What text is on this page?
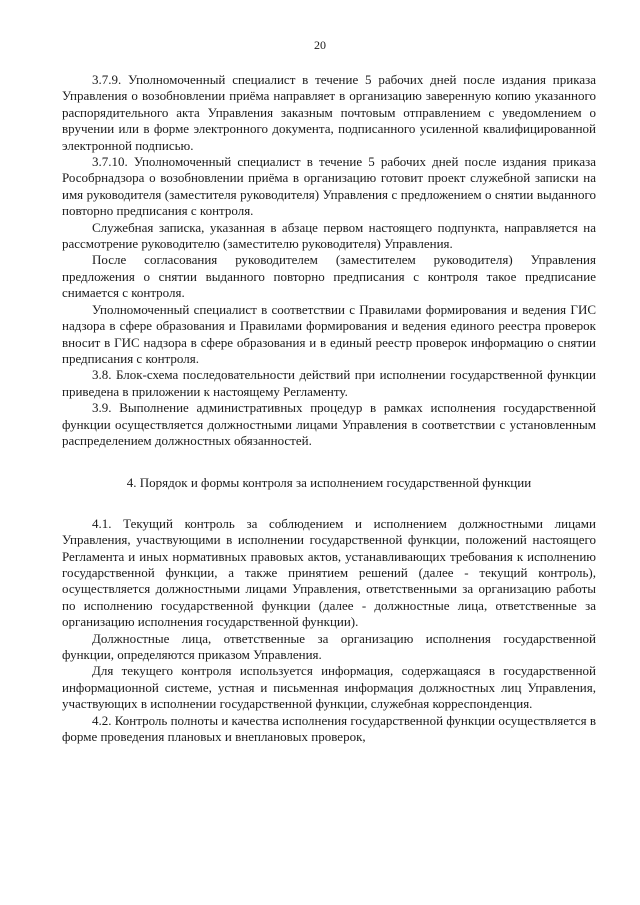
20

3.7.9. Уполномоченный специалист в течение 5 рабочих дней после издания приказа Управления о возобновлении приёма направляет в организацию заверенную копию указанного распорядительного акта Управления заказным почтовым отправлением с уведомлением о вручении или в форме электронного документа, подписанного усиленной квалифицированной электронной подписью.

3.7.10. Уполномоченный специалист в течение 5 рабочих дней после издания приказа Рособрнадзора о возобновлении приёма в организацию готовит проект служебной записки на имя руководителя (заместителя руководителя) Управления с предложением о снятии выданного повторно предписания с контроля.

Служебная записка, указанная в абзаце первом настоящего подпункта, направляется на рассмотрение руководителю (заместителю руководителя) Управления.

После согласования руководителем (заместителем руководителя) Управления предложения о снятии выданного повторно предписания с контроля такое предписание снимается с контроля.

Уполномоченный специалист в соответствии с Правилами формирования и ведения ГИС надзора в сфере образования и Правилами формирования и ведения единого реестра проверок вносит в ГИС надзора в сфере образования и в единый реестр проверок информацию о снятии предписания с контроля.

3.8. Блок-схема последовательности действий при исполнении государственной функции приведена в приложении к настоящему Регламенту.

3.9. Выполнение административных процедур в рамках исполнения государственной функции осуществляется должностными лицами Управления в соответствии с установленным распределением должностных обязанностей.

4. Порядок и формы контроля за исполнением государственной функции

4.1. Текущий контроль за соблюдением и исполнением должностными лицами Управления, участвующими в исполнении государственной функции, положений настоящего Регламента и иных нормативных правовых актов, устанавливающих требования к исполнению государственной функции, а также принятием решений (далее - текущий контроль), осуществляется должностными лицами Управления, ответственными за организацию работы по исполнению государственной функции (далее - должностные лица, ответственные за организацию исполнения государственной функции).

Должностные лица, ответственные за организацию исполнения государственной функции, определяются приказом Управления.

Для текущего контроля используется информация, содержащаяся в государственной информационной системе, устная и письменная информация должностных лиц Управления, участвующих в исполнении государственной функции, служебная корреспонденция.

4.2. Контроль полноты и качества исполнения государственной функции осуществляется в форме проведения плановых и внеплановых проверок,
